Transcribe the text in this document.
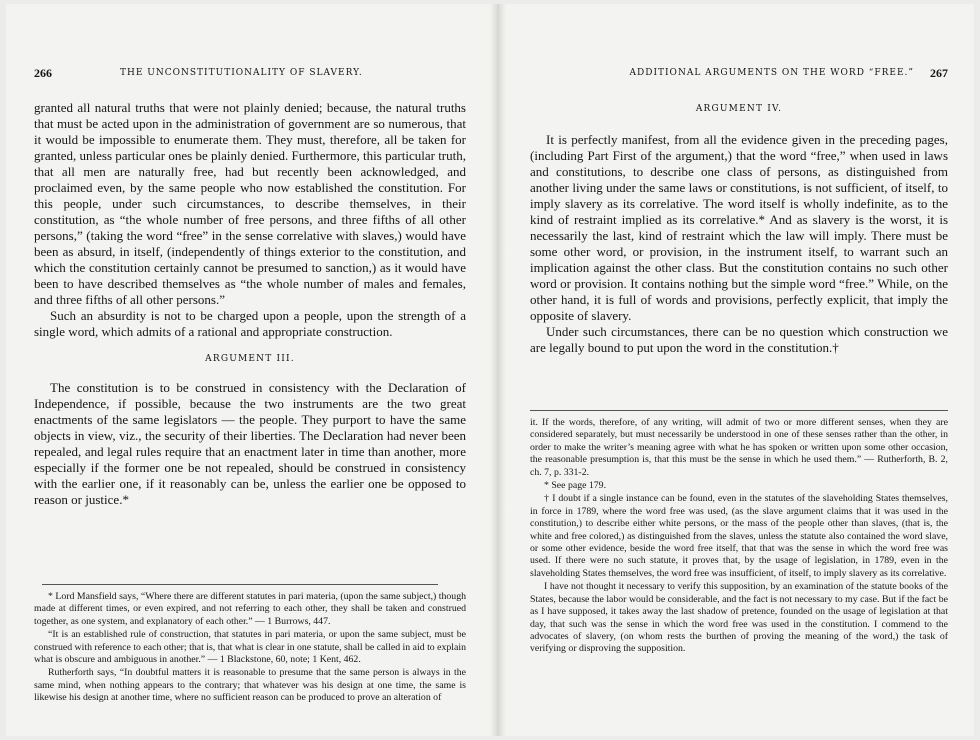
266	THE UNCONSTITUTIONALITY OF SLAVERY.

granted all natural truths that were not plainly denied; because, the natural truths that must be acted upon in the administration of government are so numerous, that it would be impossible to enumerate them. They must, therefore, all be taken for granted, unless particular ones be plainly denied. Furthermore, this particular truth, that all men are naturally free, had but recently been acknowledged, and proclaimed even, by the same people who now established the constitution. For this people, under such circumstances, to describe themselves, in their constitution, as “the whole number of free persons, and three fifths of all other persons,” (taking the word “free” in the sense correlative with slaves,) would have been as absurd, in itself, (independently of things exterior to the constitution, and which the constitution certainly cannot be presumed to sanction,) as it would have been to have described themselves as “the whole number of males and females, and three fifths of all other persons.”

Such an absurdity is not to be charged upon a people, upon the strength of a single word, which admits of a rational and appropriate construction.

ARGUMENT III.

The constitution is to be construed in consistency with the Declaration of Independence, if possible, because the two instruments are the two great enactments of the same legislators — the people. They purport to have the same objects in view, viz., the security of their liberties. The Declaration had never been repealed, and legal rules require that an enactment later in time than another, more especially if the former one be not repealed, should be construed in consistency with the earlier one, if it reasonably can be, unless the earlier one be opposed to reason or justice.*

* Lord Mansfield says, “Where there are different statutes in pari materia, (upon the same subject,) though made at different times, or even expired, and not referring to each other, they shall be taken and construed together, as one system, and explanatory of each other.” — 1 Burrows, 447.

“It is an established rule of construction, that statutes in pari materia, or upon the same subject, must be construed with reference to each other; that is, that what is clear in one statute, shall be called in aid to explain what is obscure and ambiguous in another.” — 1 Blackstone, 60, note; 1 Kent, 462.

Rutherforth says, “In doubtful matters it is reasonable to presume that the same person is always in the same mind, when nothing appears to the contrary; that whatever was his design at one time, the same is likewise his design at another time, where no sufficient reason can be produced to prove an alteration of

ADDITIONAL ARGUMENTS ON THE WORD “FREE.” 267
ARGUMENT IV.

It is perfectly manifest, from all the evidence given in the preceding pages, (including Part First of the argument,) that the word “free,” when used in laws and constitutions, to describe one class of persons, as distinguished from another living under the same laws or constitutions, is not sufficient, of itself, to imply slavery as its correlative. The word itself is wholly indefinite, as to the kind of restraint implied as its correlative.* And as slavery is the worst, it is necessarily the last, kind of restraint which the law will imply. There must be some other word, or provision, in the instrument itself, to warrant such an implication against the other class. But the constitution contains no such other word or provision. It contains nothing but the simple word “free.” While, on the other hand, it is full of words and provisions, perfectly explicit, that imply the opposite of slavery.

Under such circumstances, there can be no question which construction we are legally bound to put upon the word in the constitution.†

it. If the words, therefore, of any writing, will admit of two or more different senses, when they are considered separately, but must necessarily be understood in one of these senses rather than the other, in order to make the writer’s meaning agree with what he has spoken or written upon some other occasion, the reasonable presumption is, that this must be the sense in which he used them.” — Rutherforth, B. 2, ch. 7, p. 331-2.

* See page 179.

† I doubt if a single instance can be found, even in the statutes of the slaveholding States themselves, in force in 1789, where the word free was used, (as the slave argument claims that it was used in the constitution,) to describe either white persons, or the mass of the people other than slaves, (that is, the white and free colored,) as distinguished from the slaves, unless the statute also contained the word slave, or some other evidence, beside the word free itself, that that was the sense in which the word free was used. If there were no such statute, it proves that, by the usage of legislation, in 1789, even in the slaveholding States themselves, the word free was insufficient, of itself, to imply slavery as its correlative.

I have not thought it necessary to verify this supposition, by an examination of the statute books of the States, because the labor would be considerable, and the fact is not necessary to my case. But if the fact be as I have supposed, it takes away the last shadow of pretence, founded on the usage of legislation at that day, that such was the sense in which the word free was used in the constitution. I commend to the advocates of slavery, (on whom rests the burthen of proving the meaning of the word,) the task of verifying or disproving the supposition.
